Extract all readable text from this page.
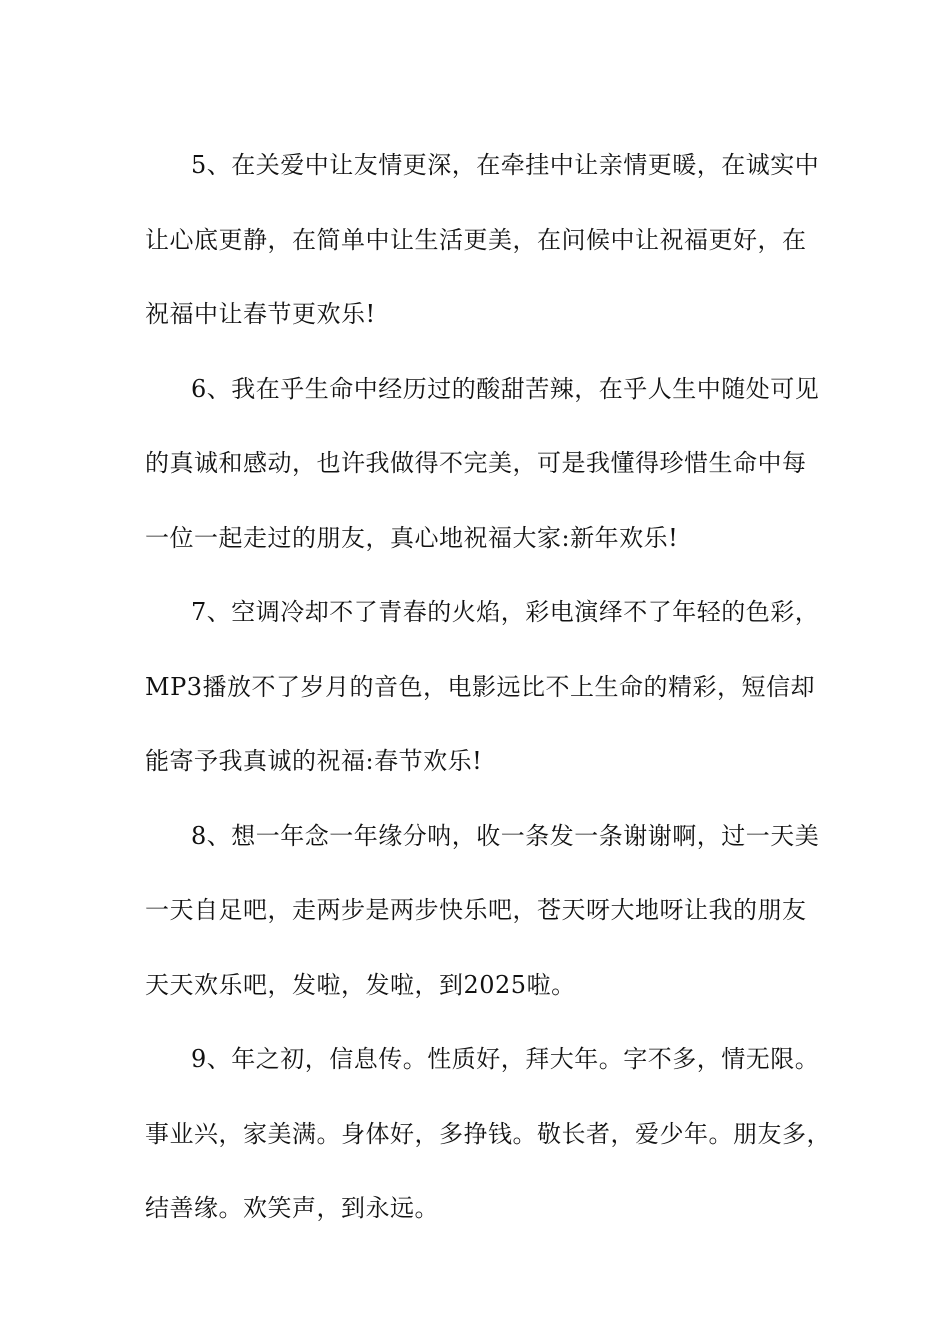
5、在关爱中让友情更深，在牵挂中让亲情更暖，在诚实中
让心底更静，在简单中让生活更美，在问候中让祝福更好，在
祝福中让春节更欢乐!

6、我在乎生命中经历过的酸甜苦辣，在乎人生中随处可见
的真诚和感动，也许我做得不完美，可是我懂得珍惜生命中每
一位一起走过的朋友，真心地祝福大家:新年欢乐!

7、空调冷却不了青春的火焰，彩电演绎不了年轻的色彩，
MP3播放不了岁月的音色，电影远比不上生命的精彩，短信却
能寄予我真诚的祝福:春节欢乐!

8、想一年念一年缘分呐，收一条发一条谢谢啊，过一天美
一天自足吧，走两步是两步快乐吧，苍天呀大地呀让我的朋友
天天欢乐吧，发啦，发啦，到2025啦。

9、年之初，信息传。性质好，拜大年。字不多，情无限。
事业兴，家美满。身体好，多挣钱。敬长者，爱少年。朋友多，
结善缘。欢笑声，到永远。
